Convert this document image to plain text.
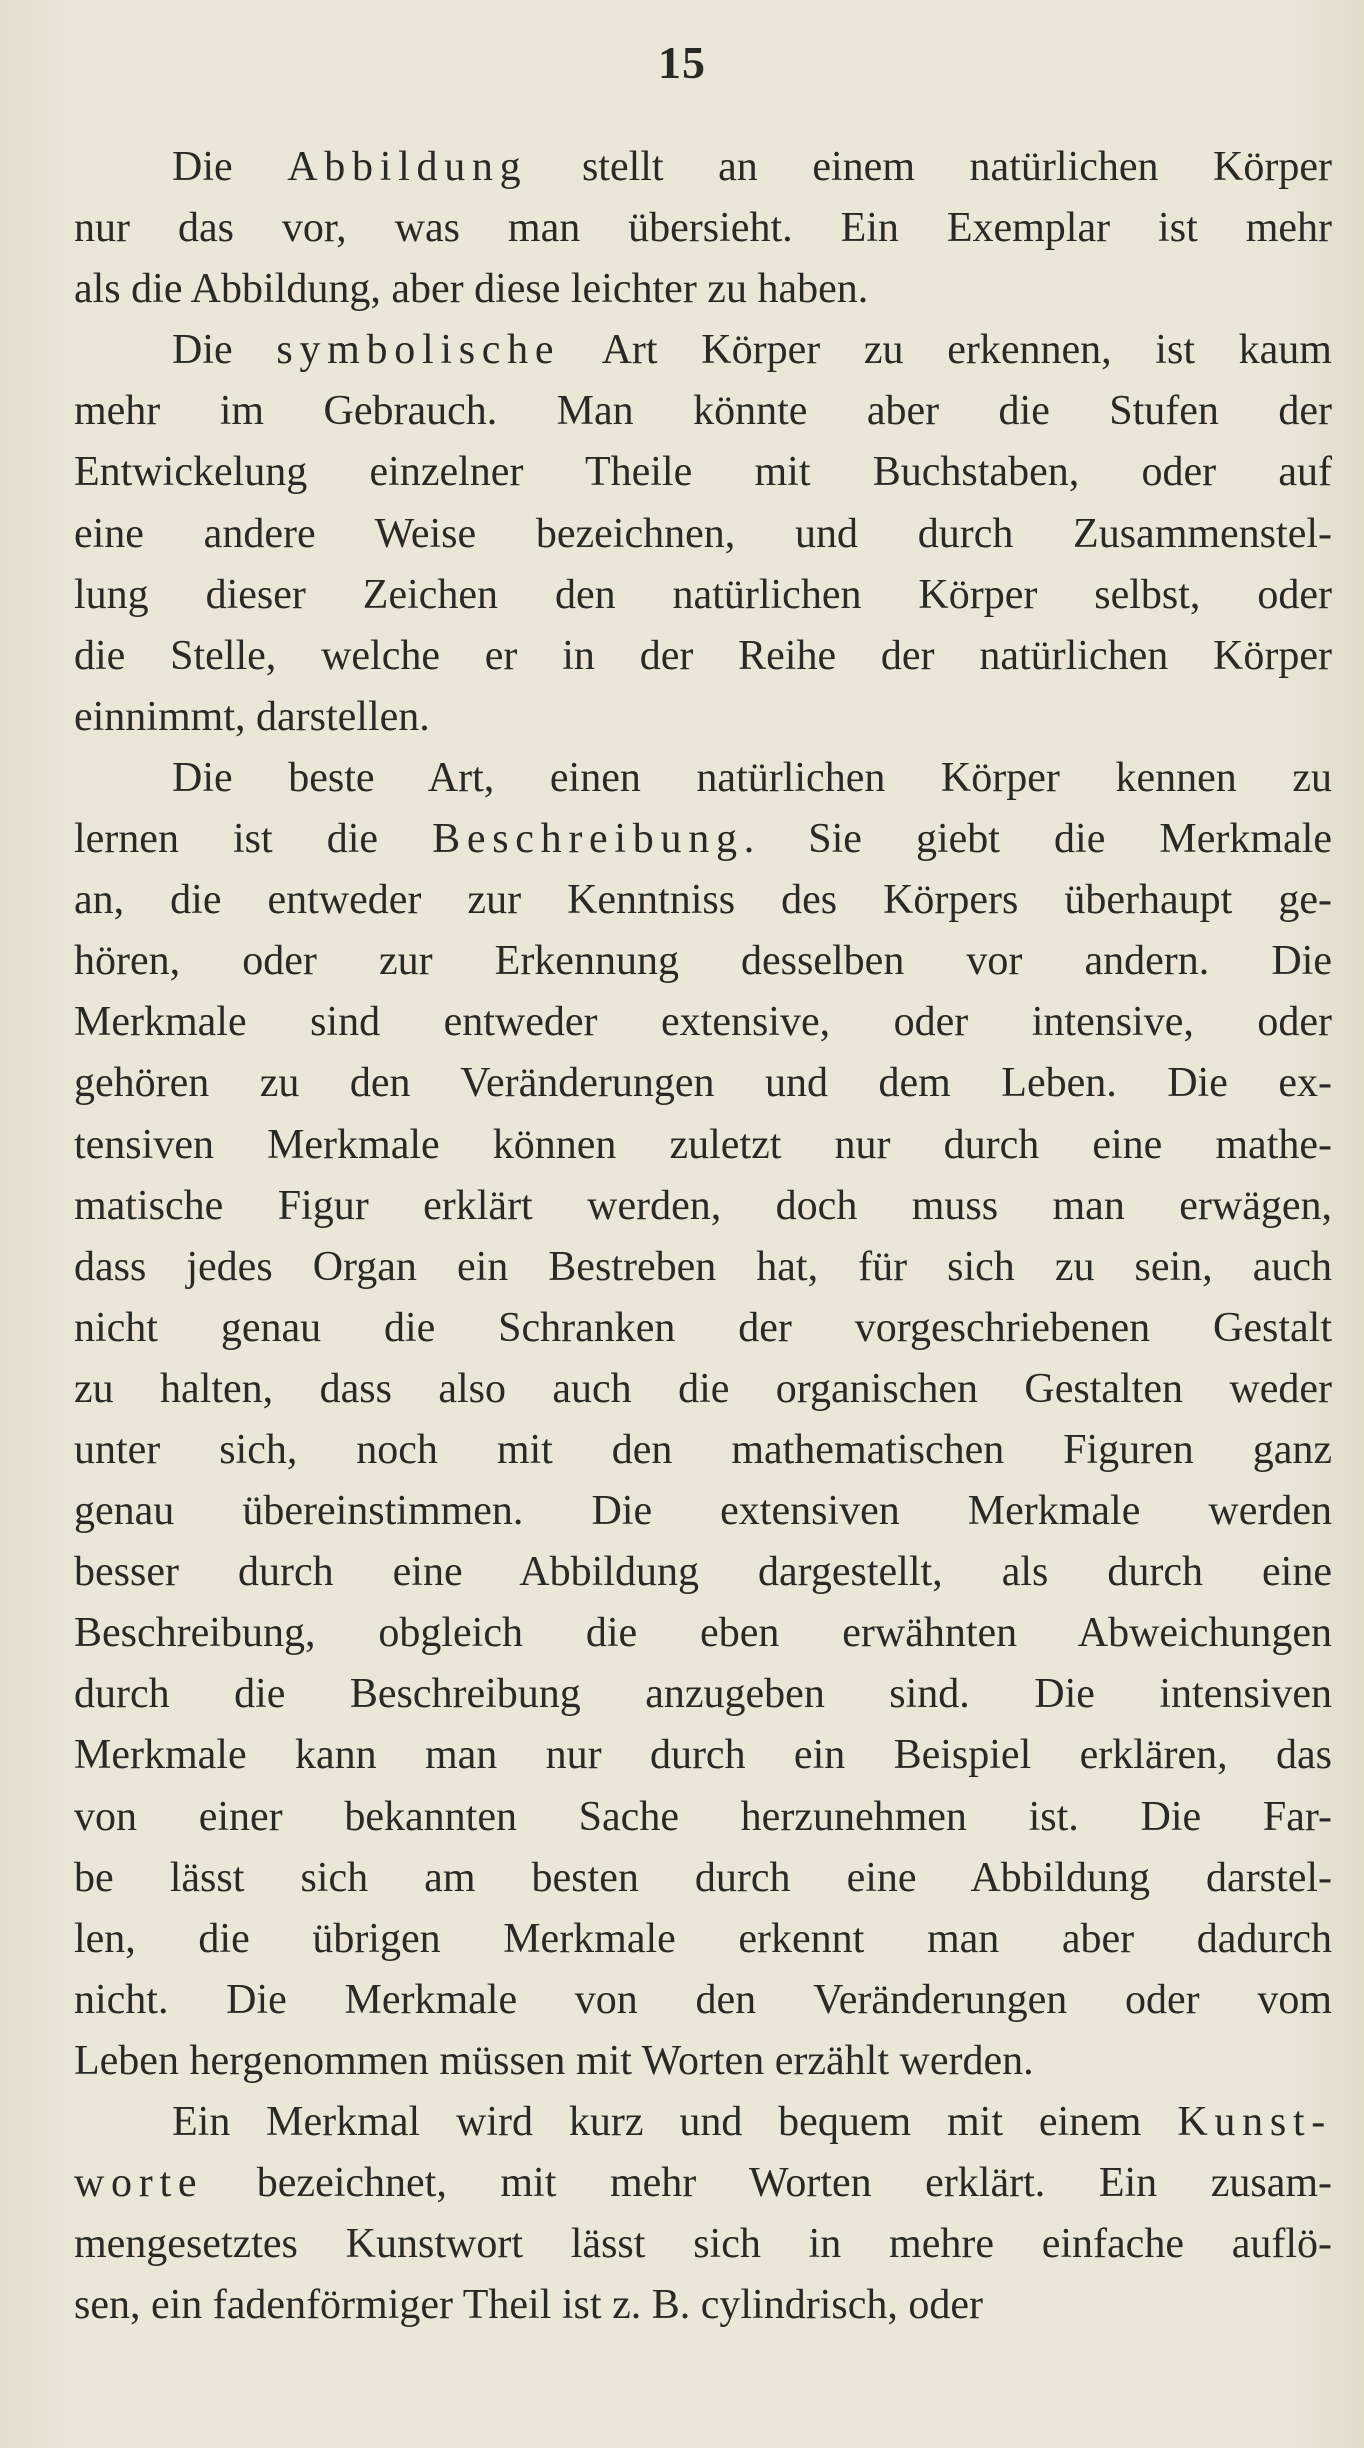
15
Die Abbildung stellt an einem natürlichen Körper
nur das vor, was man übersieht. Ein Exemplar ist mehr
als die Abbildung, aber diese leichter zu haben.
Die symbolische Art Körper zu erkennen, ist kaum
mehr im Gebrauch. Man könnte aber die Stufen der
Entwickelung einzelner Theile mit Buchstaben, oder auf
eine andere Weise bezeichnen, und durch Zusammenstel-
lung dieser Zeichen den natürlichen Körper selbst, oder
die Stelle, welche er in der Reihe der natürlichen Körper
einnimmt, darstellen.
Die beste Art, einen natürlichen Körper kennen zu
lernen ist die Beschreibung. Sie giebt die Merkmale
an, die entweder zur Kenntniss des Körpers überhaupt ge-
hören, oder zur Erkennung desselben vor andern. Die
Merkmale sind entweder extensive, oder intensive, oder
gehören zu den Veränderungen und dem Leben. Die ex-
tensiven Merkmale können zuletzt nur durch eine mathe-
matische Figur erklärt werden, doch muss man erwägen,
dass jedes Organ ein Bestreben hat, für sich zu sein, auch
nicht genau die Schranken der vorgeschriebenen Gestalt
zu halten, dass also auch die organischen Gestalten weder
unter sich, noch mit den mathematischen Figuren ganz
genau übereinstimmen. Die extensiven Merkmale werden
besser durch eine Abbildung dargestellt, als durch eine
Beschreibung, obgleich die eben erwähnten Abweichungen
durch die Beschreibung anzugeben sind. Die intensiven
Merkmale kann man nur durch ein Beispiel erklären, das
von einer bekannten Sache herzunehmen ist. Die Far-
be lässt sich am besten durch eine Abbildung darstel-
len, die übrigen Merkmale erkennt man aber dadurch
nicht. Die Merkmale von den Veränderungen oder vom
Leben hergenommen müssen mit Worten erzählt werden.
Ein Merkmal wird kurz und bequem mit einem Kunst-
worte bezeichnet, mit mehr Worten erklärt. Ein zusam-
mengesetztes Kunstwort lässt sich in mehre einfache auflö-
sen, ein fadenförmiger Theil ist z. B. cylindrisch, oder
